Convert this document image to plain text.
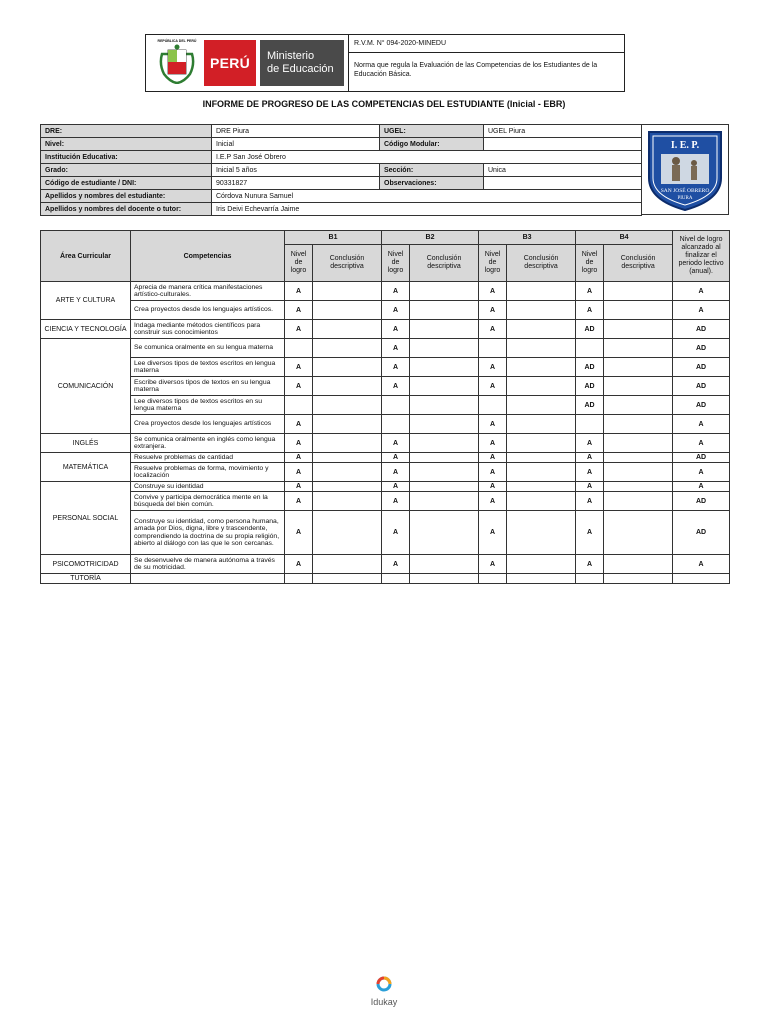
REPÚBLICA DEL PERÚ
PERÚ	Ministerio
de Educación
R.V.M. N° 094-2020-MINEDU
Norma que regula la Evaluación de las Competencias de los Estudiantes de la Educación Básica.
INFORME DE PROGRESO DE LAS COMPETENCIAS DEL ESTUDIANTE (Inicial - EBR)
DRE:	DRE Piura	UGEL:	UGEL Piura
Nivel:	Inicial	Código Modular:	
Institución Educativa:	I.E.P San José Obrero		
Grado:	Inicial 5 años	Sección:	Unica
Código de estudiante / DNI:	90331827	Observaciones:	
Apellidos y nombres del estudiante:	Córdova Nunura Samuel		
Apellidos y nombres del docente o tutor:	Iris Deivi Echevarría Jaime		
I. E. P.
SAN JOSÉ OBRERO
PIURA
Área Curricular	Competencias	B1		B2		B3		B4		Nivel de logro alcanzado al finalizar el periodo lectivo (anual).
		Nivel de logro	Conclusión descriptiva	Nivel de logro	Conclusión descriptiva	Nivel de logro	Conclusión descriptiva	Nivel de logro	Conclusión descriptiva	
ARTE Y CULTURA	Aprecia de manera crítica manifestaciones artístico-culturales.	A		A		A		A		A
	Crea proyectos desde los lenguajes artísticos.	A		A		A		A		A
CIENCIA Y TECNOLOGÍA	Indaga mediante métodos científicos para construir sus conocimientos	A		A		A		AD		AD
COMUNICACIÓN	Se comunica oralmente en su lengua materna			A						AD
	Lee diversos tipos de textos escritos en lengua materna	A		A		A		AD		AD
	Escribe diversos tipos de textos en su lengua materna	A		A		A		AD		AD
	Lee diversos tipos de textos escritos en su lengua materna							AD		AD
	Crea proyectos desde los lenguajes artísticos	A				A				A
INGLÉS	Se comunica oralmente en inglés como lengua extranjera.	A		A		A		A		A
MATEMÁTICA	Resuelve problemas de cantidad	A		A		A		A		AD
	Resuelve problemas de forma, movimiento y localización	A		A		A		A		A
PERSONAL SOCIAL	Construye su identidad	A		A		A		A		A
	Convive y participa democrática mente en la búsqueda del bien común.	A		A		A		A		AD
	Construye su identidad, como persona humana, amada por Dios, digna, libre y trascendente, comprendiendo la doctrina de su propia religión, abierto al diálogo con las que le son cercanas.	A		A		A		A		AD
PSICOMOTRICIDAD	Se desenvuelve de manera autónoma a través de su motricidad.	A		A		A		A		A
TUTORÍA										
Idukay
